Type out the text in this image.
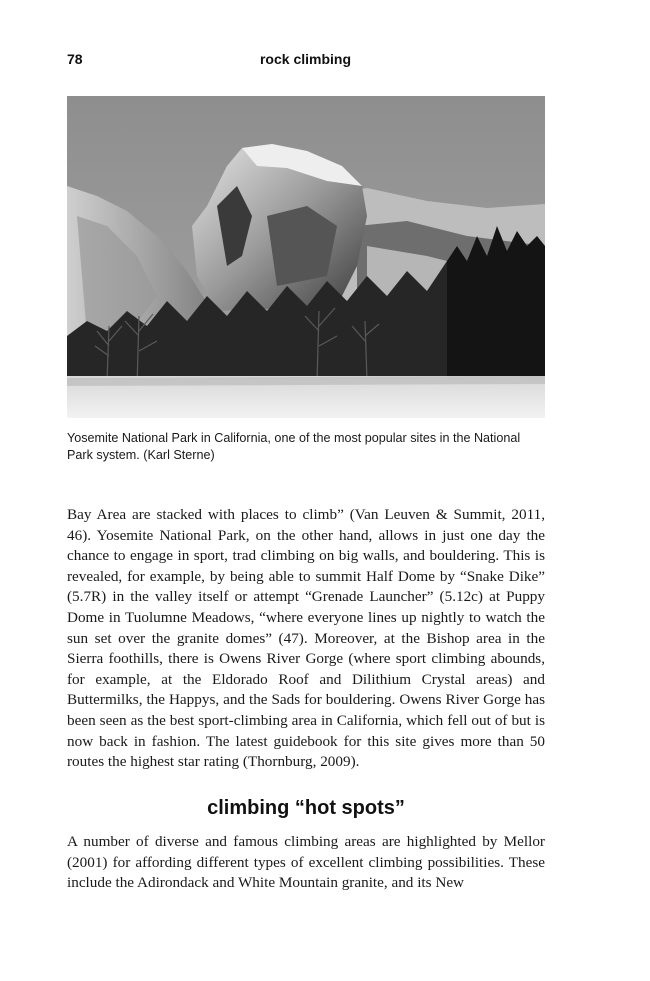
78	rock climbing
Yosemite National Park in California, one of the most popular sites in the National Park system. (Karl Sterne)
Bay Area are stacked with places to climb” (Van Leuven & Summit, 2011, 46). Yosemite National Park, on the other hand, allows in just one day the chance to engage in sport, trad climbing on big walls, and bouldering. This is revealed, for example, by being able to summit Half Dome by “Snake Dike” (5.7R) in the valley itself or attempt “Grenade Launcher” (5.12c) at Puppy Dome in Tuolumne Meadows, “where everyone lines up nightly to watch the sun set over the granite domes” (47). Moreover, at the Bishop area in the Sierra foothills, there is Owens River Gorge (where sport climbing abounds, for example, at the Eldorado Roof and Dilithium Crystal areas) and Buttermilks, the Happys, and the Sads for bouldering. Owens River Gorge has been seen as the best sport-climbing area in California, which fell out of but is now back in fashion. The latest guidebook for this site gives more than 50 routes the highest star rating (Thornburg, 2009).
climbing “hot spots”
A number of diverse and famous climbing areas are highlighted by Mellor (2001) for affording different types of excellent climbing possibilities. These include the Adirondack and White Mountain granite, and its New
